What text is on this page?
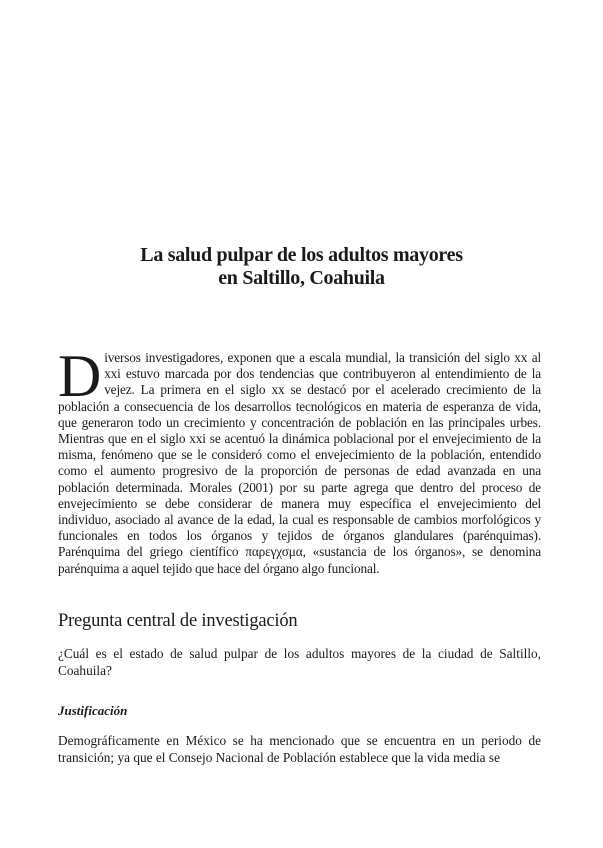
La salud pulpar de los adultos mayores
en Saltillo, Coahuila

Diversos investigadores, exponen que a escala mundial, la transición del siglo xx al xxi estuvo marcada por dos tendencias que contribuyeron al entendimiento de la vejez. La primera en el siglo xx se destacó por el acelerado crecimiento de la población a consecuencia de los desarrollos tecnológicos en materia de esperanza de vida, que generaron todo un crecimiento y concentración de población en las principales urbes. Mientras que en el siglo xxi se acentuó la dinámica poblacional por el envejecimiento de la misma, fenómeno que se le consideró como el envejecimiento de la población, entendido como el aumento progresivo de la proporción de personas de edad avanzada en una población determinada. Morales (2001) por su parte agrega que dentro del proceso de envejecimiento se debe considerar de manera muy específica el envejecimiento del individuo, asociado al avance de la edad, la cual es responsable de cambios morfológicos y funcionales en todos los órganos y tejidos de órganos glandulares (parénquimas). Parénquima del griego científico παρεγχσμα, «sustancia de los órganos», se denomina parénquima a aquel tejido que hace del órgano algo funcional.

Pregunta central de investigación

¿Cuál es el estado de salud pulpar de los adultos mayores de la ciudad de Saltillo, Coahuila?

Justificación

Demográficamente en México se ha mencionado que se encuentra en un periodo de transición; ya que el Consejo Nacional de Población establece que la vida media se
